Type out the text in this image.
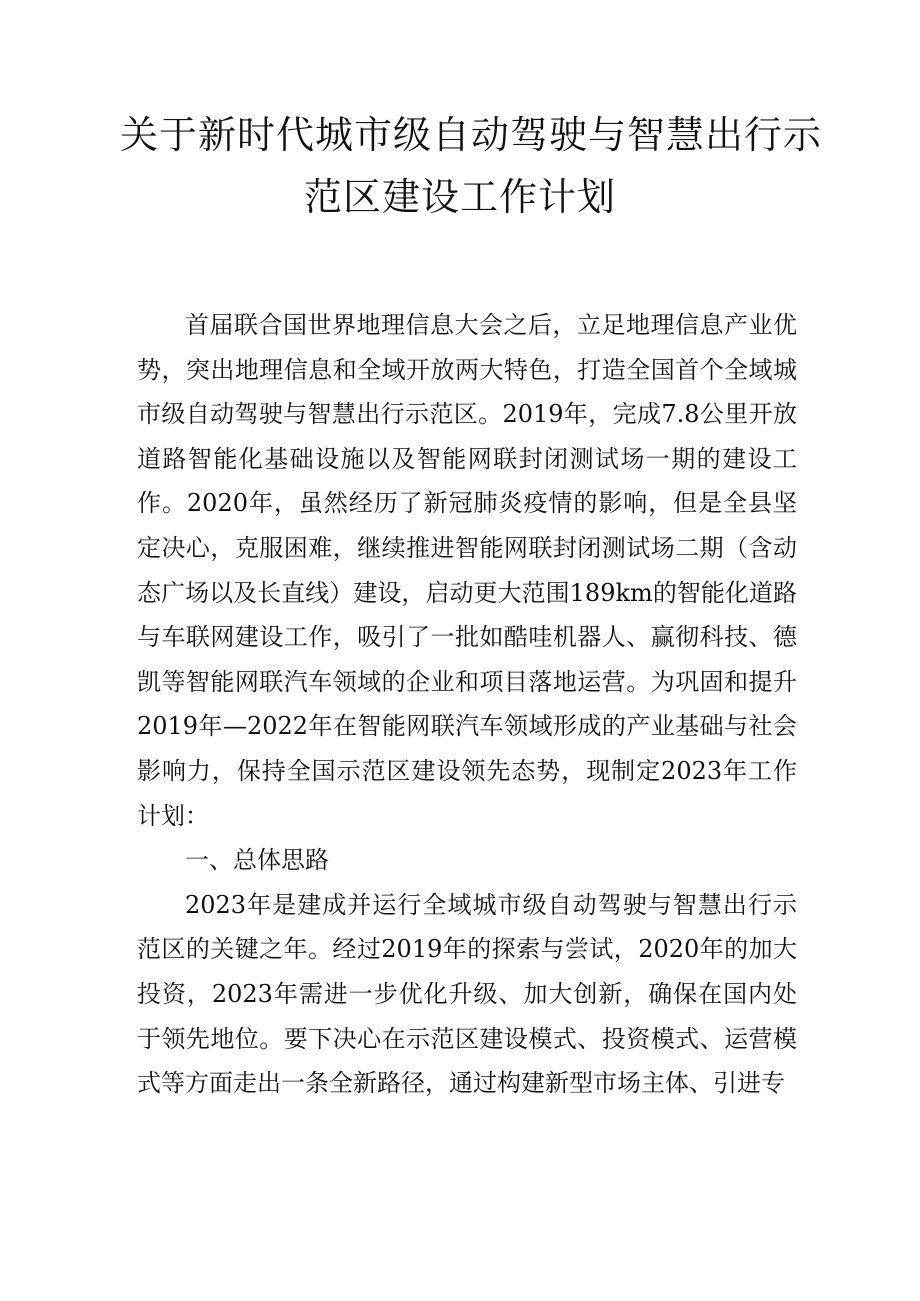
关于新时代城市级自动驾驶与智慧出行示
范区建设工作计划

首届联合国世界地理信息大会之后，立足地理信息产业优势，突出地理信息和全域开放两大特色，打造全国首个全域城市级自动驾驶与智慧出行示范区。2019年，完成7.8公里开放道路智能化基础设施以及智能网联封闭测试场一期的建设工作。2020年，虽然经历了新冠肺炎疫情的影响，但是全县坚定决心，克服困难，继续推进智能网联封闭测试场二期（含动态广场以及长直线）建设，启动更大范围189km的智能化道路与车联网建设工作，吸引了一批如酷哇机器人、赢彻科技、德凯等智能网联汽车领域的企业和项目落地运营。为巩固和提升2019年—2022年在智能网联汽车领域形成的产业基础与社会影响力，保持全国示范区建设领先态势，现制定2023年工作计划：

一、总体思路

2023年是建成并运行全域城市级自动驾驶与智慧出行示范区的关键之年。经过2019年的探索与尝试，2020年的加大投资，2023年需进一步优化升级、加大创新，确保在国内处于领先地位。要下决心在示范区建设模式、投资模式、运营模式等方面走出一条全新路径，通过构建新型市场主体、引进专
